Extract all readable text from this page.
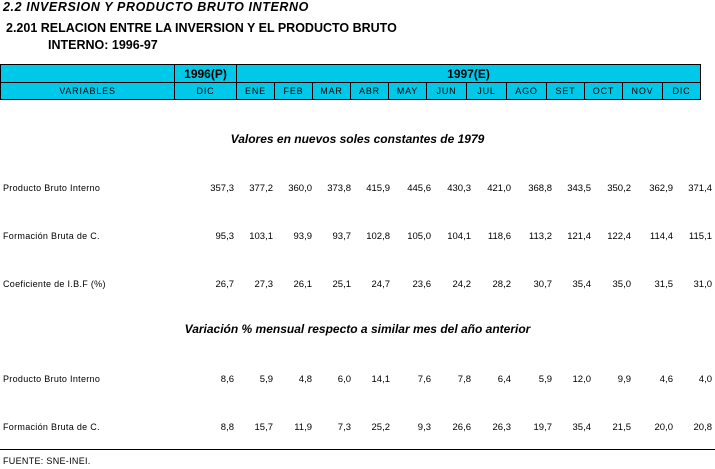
2.2 INVERSION Y PRODUCTO BRUTO INTERNO
2.201 RELACION ENTRE LA INVERSION Y EL PRODUCTO BRUTO
INTERNO: 1996-97
	1996(P)	1997(E)											
VARIABLES	DIC	ENE	FEB	MAR	ABR	MAY	JUN	JUL	AGO	SET	OCT	NOV	DIC
Valores en nuevos soles constantes de 1979
Variación % mensual respecto a similar mes del año anterior
Producto Bruto Interno	357,3	377,2	360,0	373,8	415,9	445,6	430,3	421,0	368,8	343,5	350,2	362,9	371,4
Formación Bruta de C.	95,3	103,1	93,9	93,7	102,8	105,0	104,1	118,6	113,2	121,4	122,4	114,4	115,1
Coeficiente de I.B.F (%)	26,7	27,3	26,1	25,1	24,7	23,6	24,2	28,2	30,7	35,4	35,0	31,5	31,0
Producto Bruto Interno	8,6	5,9	4,8	6,0	14,1	7,6	7,8	6,4	5,9	12,0	9,9	4,6	4,0
Formación Bruta de C.	8,8	15,7	11,9	7,3	25,2	9,3	26,6	26,3	19,7	35,4	21,5	20,0	20,8
FUENTE: SNE-INEI.
